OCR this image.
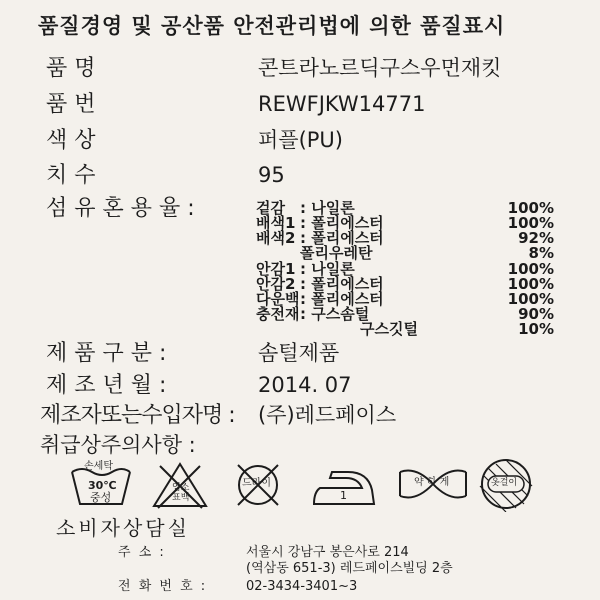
품질경영 및 공산품 안전관리법에 의한 품질표시
품 명	콘트라노르딕구스우먼재킷
품 번	REWFJKW14771
색 상	퍼플(PU)
치 수	95
섬 유 혼 용 율 :	겉감 : 나일론	100%
배색1 : 폴리에스터	100%
배색2 : 폴리에스터	92%
폴리우레탄	8%
안감1 : 나일론	100%
안감2 : 폴리에스터	100%
다운백 : 폴리에스터	100%
충전재 : 구스솜털	90%
구스깃털	10%
제 품 구 분 :	솜털제품
제 조 년 월 :	2014. 07
제조자또는수입자명 : (주)레드페이스
취급상주의사항 :
손세탁
30℃
중성
염소
표백
드라이
1
약 하 게	옷걸이
소비자상담실
주 소 :	서울시 강남구 봉은사로 214
(역삼동 651-3) 레드페이스빌딩 2층
전 화 번 호 :	02-3434-3401~3
